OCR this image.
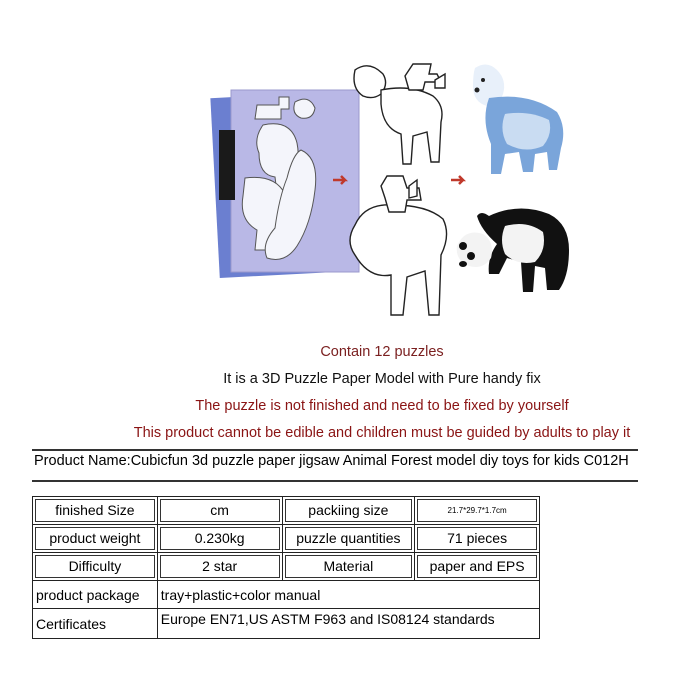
Contain 12 puzzles
It is a 3D Puzzle Paper Model with Pure handy fix
The puzzle is not finished and need to be fixed by yourself
This product cannot be edible and children must be guided by adults to play it
Product Name:Cubicfun 3d puzzle paper jigsaw Animal Forest model diy toys for kids C012H
finished Size	cm	packiing size	21.7*29.7*1.7cm

product weight	0.230kg	puzzle quantities	71 pieces

Difficulty	2 star	Material	paper and EPS

product package	tray+plastic+color manual		
Certificates	Europe EN71,US ASTM F963 and IS08124 standards		
